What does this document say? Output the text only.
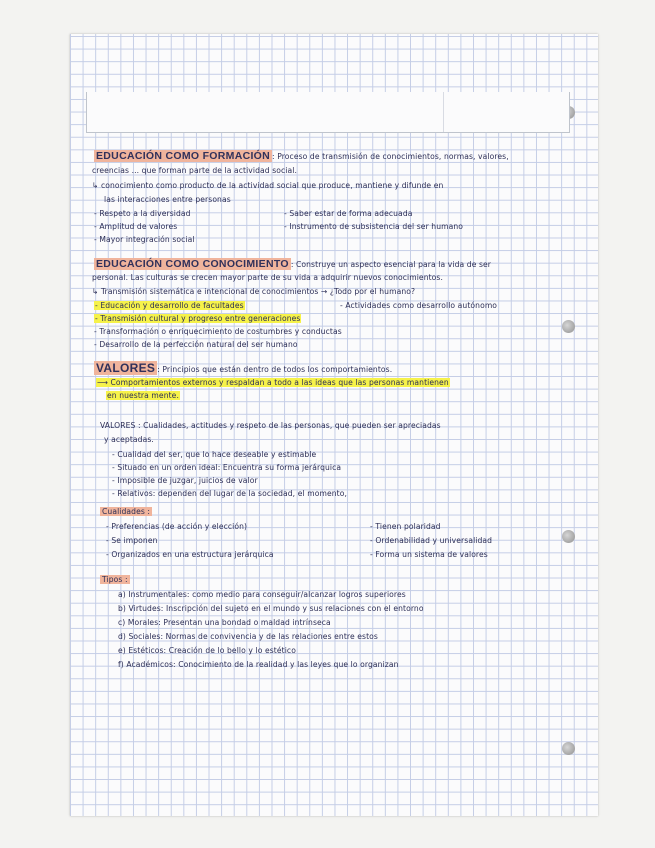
EDUCACIÓN COMO FORMACIÓN : Proceso de transmisión de conocimientos, normas, valores,
creencias ... que forman parte de la actividad social.
↳ conocimiento como producto de la actividad social que produce, mantiene y difunde en
las interacciones entre personas
- Respeto a la diversidad
- Amplitud de valores
- Mayor integración social
- Saber estar de forma adecuada
- Instrumento de subsistencia del ser humano
EDUCACIÓN COMO CONOCIMIENTO : Construye un aspecto esencial para la vida de ser
personal. Las culturas se crecen mayor parte de su vida a adquirir nuevos conocimientos.
↳ Transmisión sistemática e intencional de conocimientos → ¿Todo por el humano?
- Educación y desarrollo de facultades
- Transmisión cultural y progreso entre generaciones
- Transformación o enriquecimiento de costumbres y conductas
- Desarrollo de la perfección natural del ser humano
- Actividades como desarrollo autónomo
VALORES : Principios que están dentro de todos los comportamientos.
⟶ Comportamientos externos y respaldan a todo a las ideas que las personas mantienen
en nuestra mente.
VALORES : Cualidades, actitudes y respeto de las personas, que pueden ser apreciadas
y aceptadas.
- Cualidad del ser, que lo hace deseable y estimable
- Situado en un orden ideal: Encuentra su forma jerárquica
- Imposible de juzgar, juicios de valor
- Relativos: dependen del lugar de la sociedad, el momento,
Cualidades :
- Preferencias (de acción y elección)
- Se imponen
- Organizados en una estructura jerárquica
- Tienen polaridad
- Ordenabilidad y universalidad
- Forma un sistema de valores
Tipos :
a) Instrumentales: como medio para conseguir/alcanzar logros superiores
b) Virtudes: Inscripción del sujeto en el mundo y sus relaciones con el entorno
c) Morales: Presentan una bondad o maldad intrínseca
d) Sociales: Normas de convivencia y de las relaciones entre estos
e) Estéticos: Creación de lo bello y lo estético
f) Académicos: Conocimiento de la realidad y las leyes que lo organizan
